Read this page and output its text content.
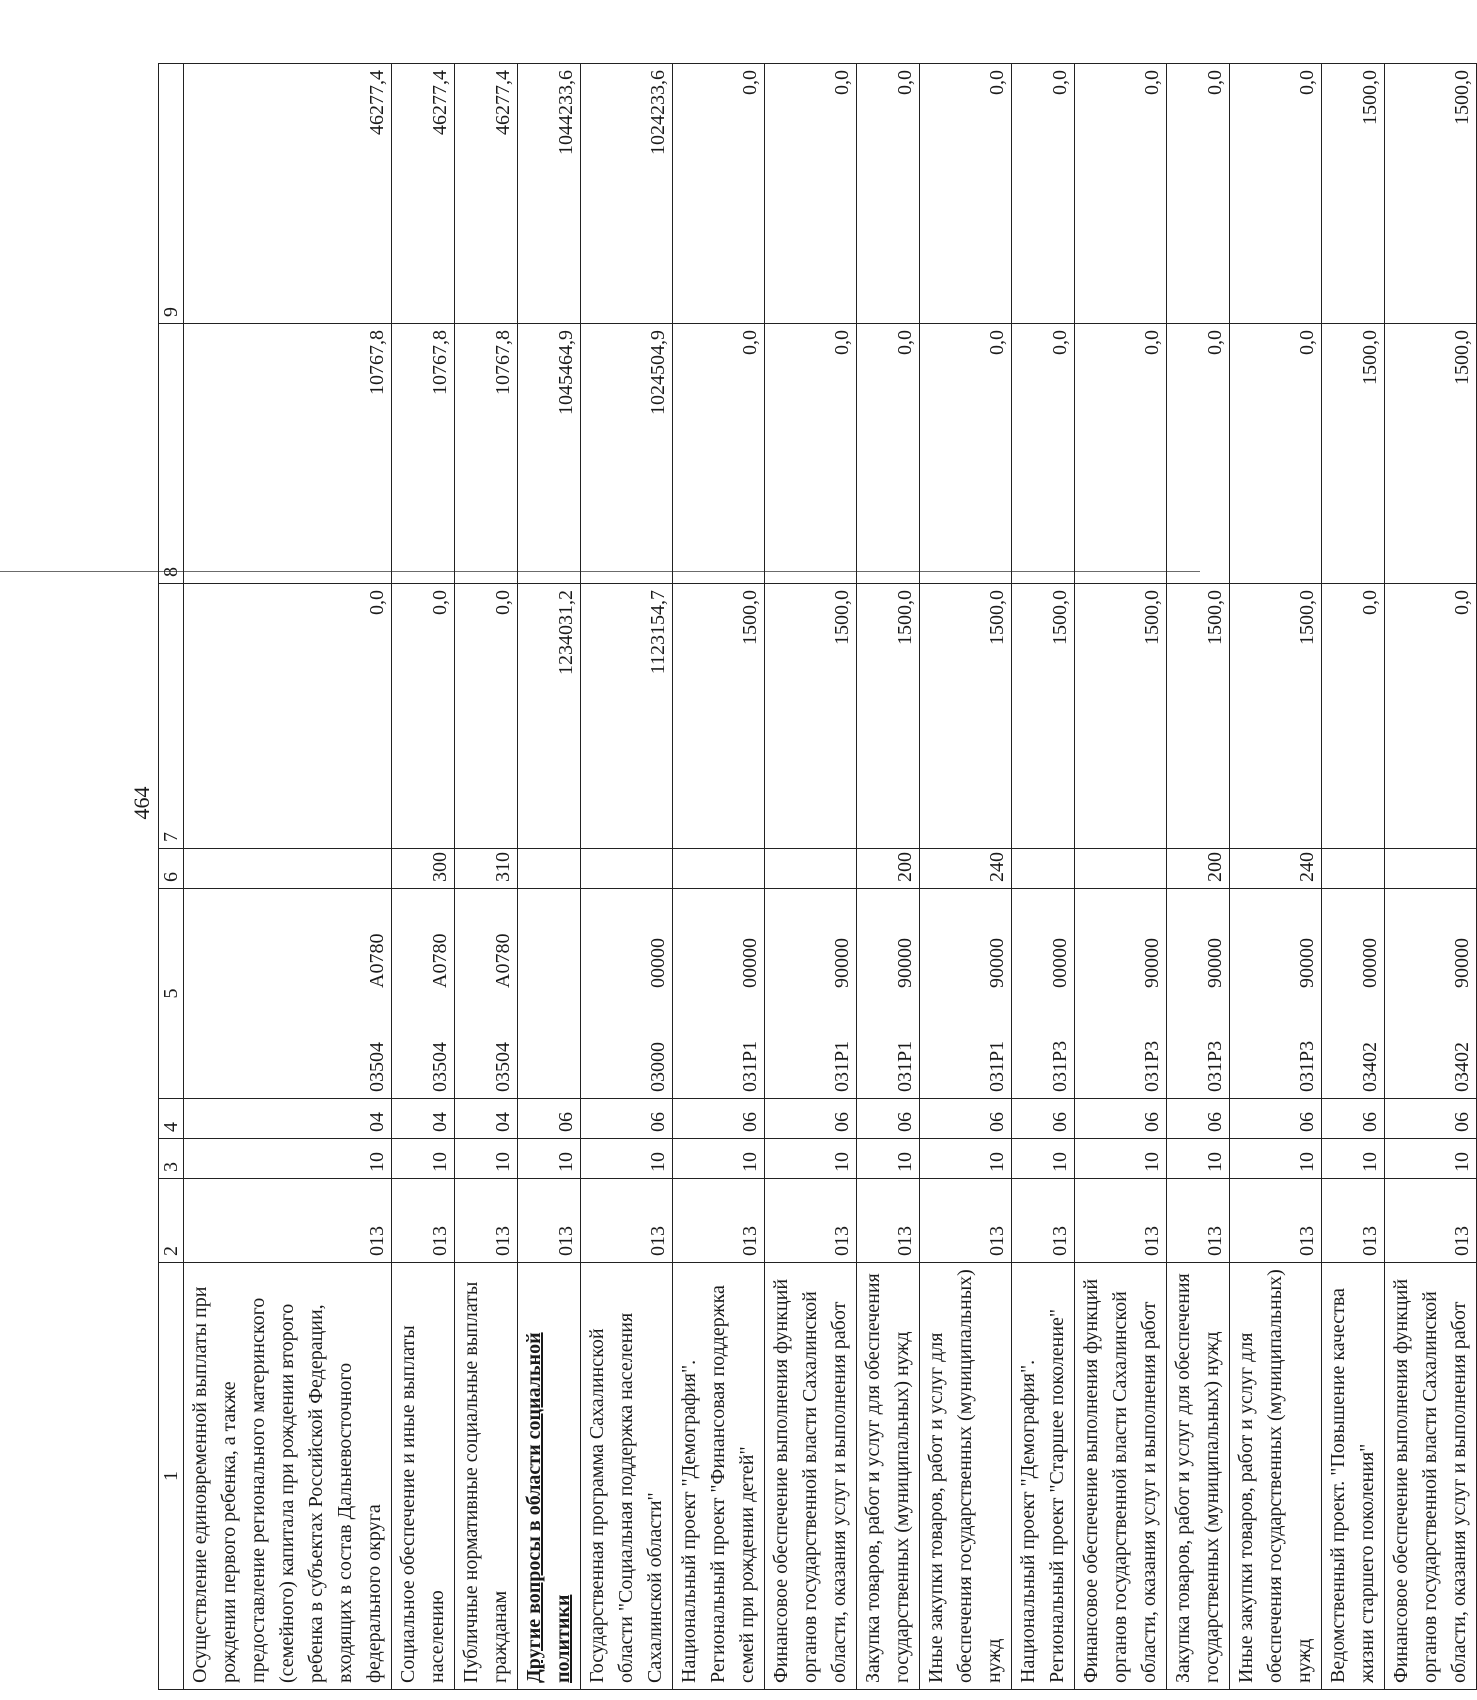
464
1	2	3	4	5	6	7	8	9
Осуществление единовременной выплаты при рождении первого ребенка, а также предоставление регионального материнского (семейного) капитала при рождении второго ребенка в субъектах Российской Федерации, входящих в состав Дальневосточного федерального округа	013	10	04	03504А0780		0,0	10767,8	46277,4
Социальное обеспечение и иные выплаты населению	013	10	04	03504А0780	300	0,0	10767,8	46277,4
Публичные нормативные социальные выплаты гражданам	013	10	04	03504А0780	310	0,0	10767,8	46277,4
Другие вопросы в области социальной политики	013	10	06			1234031,2	1045464,9	1044233,6
Государственная программа Сахалинской области "Социальная поддержка населения Сахалинской области"	013	10	06	0300000000		1123154,7	1024504,9	1024233,6
Национальный проект "Демография". Региональный проект "Финансовая поддержка семей при рождении детей"	013	10	06	031Р100000		1500,0	0,0	0,0
Финансовое обеспечение выполнения функций органов государственной власти Сахалинской области, оказания услуг и выполнения работ	013	10	06	031Р190000		1500,0	0,0	0,0
Закупка товаров, работ и услуг для обеспечения государственных (муниципальных) нужд	013	10	06	031Р190000	200	1500,0	0,0	0,0
Иные закупки товаров, работ и услуг для обеспечения государственных (муниципальных) нужд	013	10	06	031Р190000	240	1500,0	0,0	0,0
Национальный проект "Демография". Региональный проект "Старшее поколение"	013	10	06	031Р300000		1500,0	0,0	0,0
Финансовое обеспечение выполнения функций органов государственной власти Сахалинской области, оказания услуг и выполнения работ	013	10	06	031Р390000		1500,0	0,0	0,0
Закупка товаров, работ и услуг для обеспечения государственных (муниципальных) нужд	013	10	06	031Р390000	200	1500,0	0,0	0,0
Иные закупки товаров, работ и услуг для обеспечения государственных (муниципальных) нужд	013	10	06	031Р390000	240	1500,0	0,0	0,0
Ведомственный проект. "Повышение качества жизни старшего поколения"	013	10	06	0340200000		0,0	1500,0	1500,0
Финансовое обеспечение выполнения функций органов государственной власти Сахалинской области, оказания услуг и выполнения работ	013	10	06	0340290000		0,0	1500,0	1500,0
